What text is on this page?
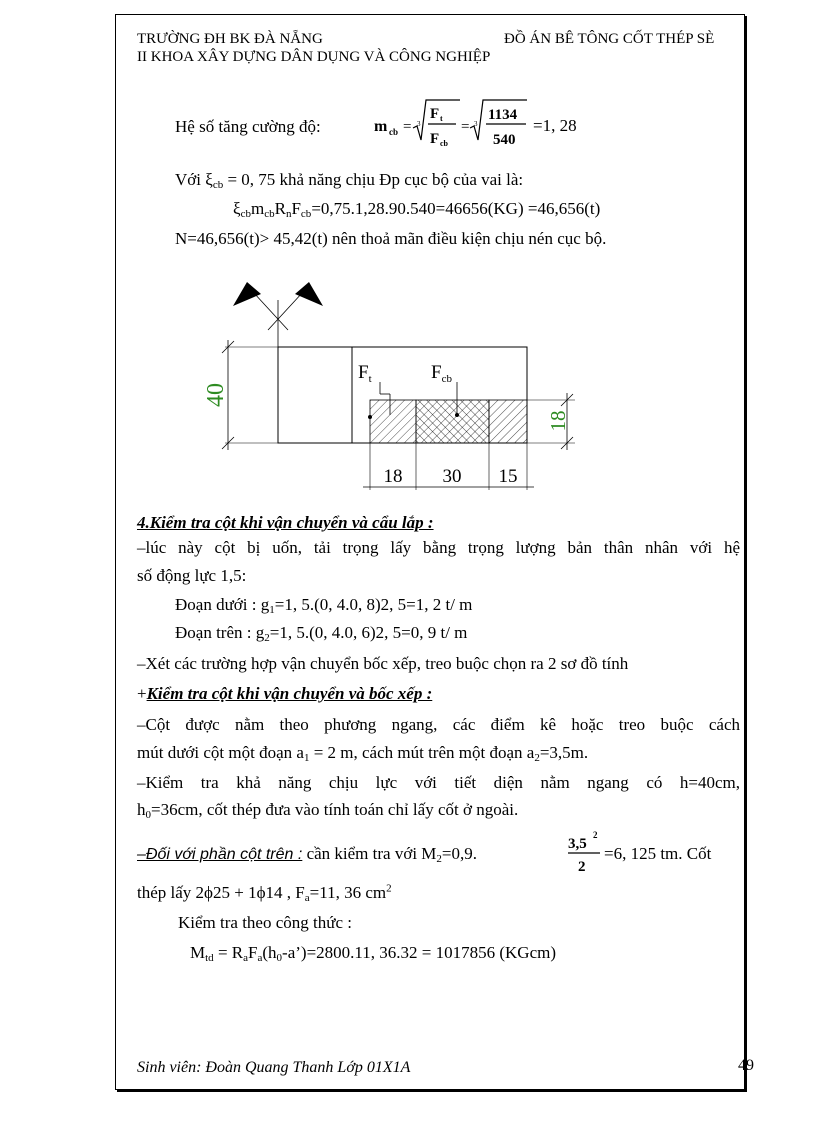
TRƯỜNG ĐH BK ĐÀ NẴNG	ĐỒ ÁN BÊ TÔNG CỐT THÉP SÈ
II KHOA XÂY DỰNG DÂN DỤNG VÀ CÔNG NGHIỆP
Hệ số tăng cường độ:	m cb = 3
F t
F cb
= 3
1134
540
=1, 28
Với $\xi_{cb} = 0$, 75 khả năng chịu Đp cục bộ của vai là:
$\xi_{cb}m_{cb}R_nF_{cb}=0,75.1,28.90.540=46656(KG) =46,656(t)$
N=46,656(t)> 45,42(t) nên thoả mãn điều kiện chịu nén cục bộ.
$F_t$	$F_{cb}$
40
18
18 30 15
4.Kiểm tra cột khi vận chuyển và cẩu lắp :
–lúc này cột bị uốn, tải trọng lấy bằng trọng lượng bản thân nhân với hệ
số động lực 1,5:
Đoạn dưới : $g_1=1$, 5.(0, 4.0, 8)2, 5=1, 2 t/ m
Đoạn trên : $g_2=1$, 5.(0, 4.0, 6)2, 5=0, 9 t/ m
–Xét các trường hợp vận chuyển bốc xếp, treo buộc chọn ra 2 sơ đồ tính
+Kiểm tra cột khi vận chuyển và bốc xếp :
–Cột được nằm theo phương ngang, các điểm kê hoặc treo buộc cách
mút dưới cột một đoạn $a_1 = 2$ m, cách mút trên một đoạn $a_2=3,5m$.
–Kiểm tra khả năng chịu lực với tiết diện nằm ngang có h=40cm,
$h_0=36cm$, cốt thép đưa vào tính toán chỉ lấy cốt ở ngoài.
–Đối với phần cột trên : cần kiểm tra với $M_2=0,9$.	3,5
2
2
=6, 125 tm. Cốt
thép lấy 2ϕ25 + 1ϕ14 , $F_a=11$, 36 $cm^2$
Kiểm tra theo công thức :
$M_{td}$ = $R_aF_a(h_0-a’)=2800.11$, 36.32 = 1017856 (KGcm)
Sinh viên: Đoàn Quang Thanh Lớp 01X1A	49
